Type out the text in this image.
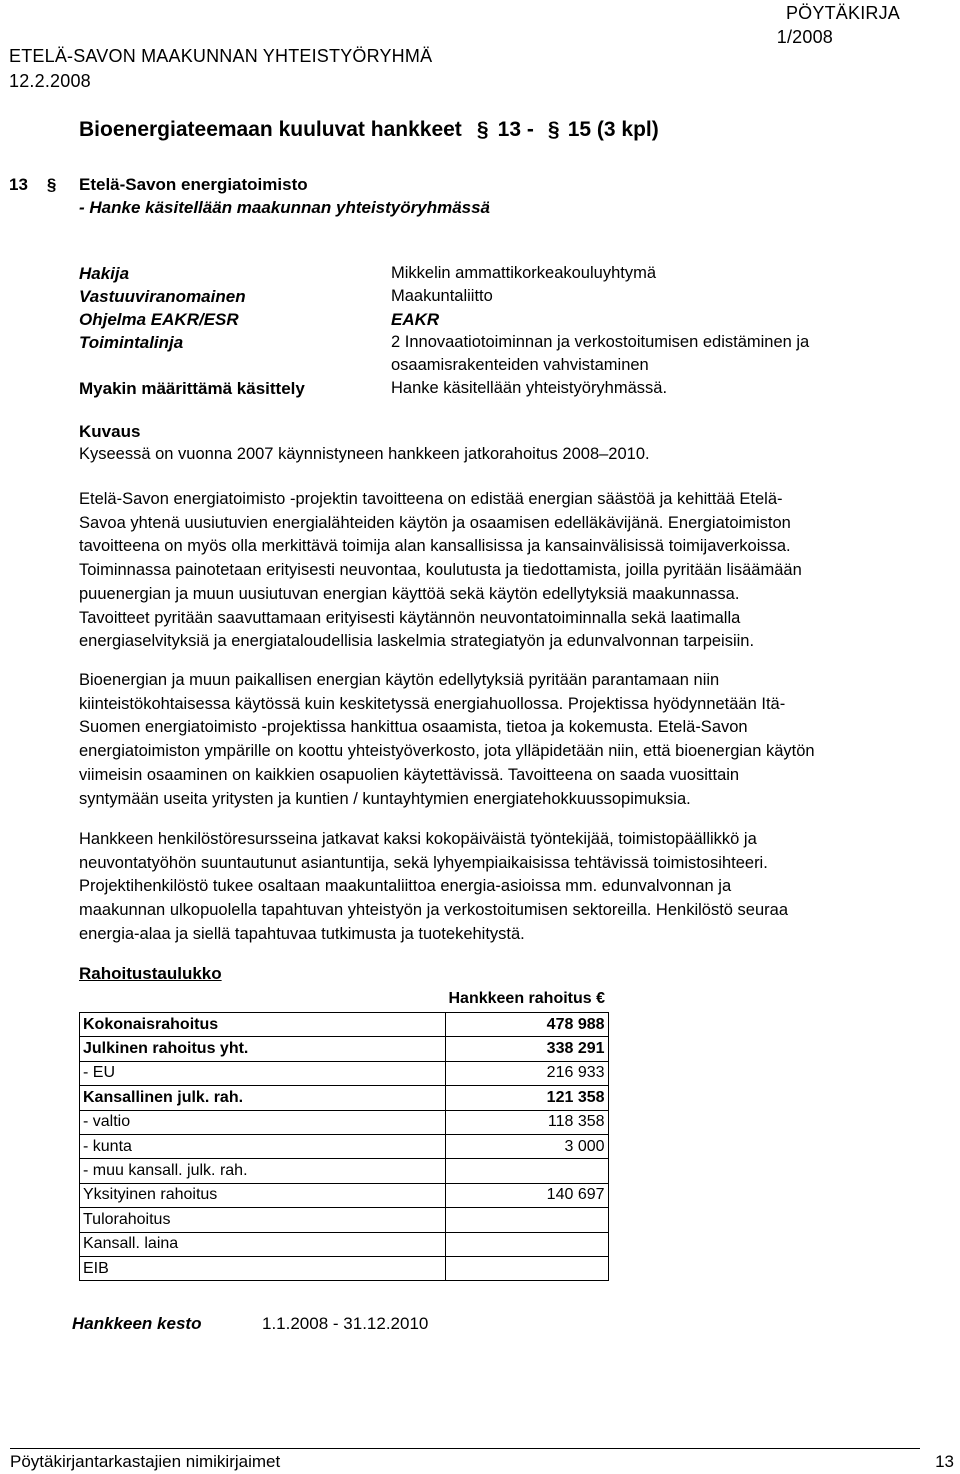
PÖYTÄKIRJA
1/2008
ETELÄ-SAVON MAAKUNNAN YHTEISTYÖRYHMÄ
12.2.2008
Bioenergiateemaan kuuluvat hankkeet § 13 - § 15 (3 kpl)
13 §	Etelä-Savon energiatoimisto
- Hanke käsitellään maakunnan yhteistyöryhmässä
Hakija	Mikkelin ammattikorkeakouluyhtymä
Vastuuviranomainen	Maakuntaliitto
Ohjelma EAKR/ESR	EAKR
Toimintalinja	2 Innovaatiotoiminnan ja verkostoitumisen edistäminen ja
osaamisrakenteiden vahvistaminen
Myakin määrittämä käsittely	Hanke käsitellään yhteistyöryhmässä.
Kuvaus
Kyseessä on vuonna 2007 käynnistyneen hankkeen jatkorahoitus 2008–2010.

Etelä-Savon energiatoimisto -projektin tavoitteena on edistää energian säästöä ja kehittää Etelä-

Savoa yhtenä uusiutuvien energialähteiden käytön ja osaamisen edelläkävijänä. Energiatoimiston

tavoitteena on myös olla merkittävä toimija alan kansallisissa ja kansainvälisissä toimijaverkoissa.

Toiminnassa painotetaan erityisesti neuvontaa, koulutusta ja tiedottamista, joilla pyritään lisäämään

puuenergian ja muun uusiutuvan energian käyttöä sekä käytön edellytyksiä maakunnassa.

Tavoitteet pyritään saavuttamaan erityisesti käytännön neuvontatoiminnalla sekä laatimalla

energiaselvityksiä ja energiataloudellisia laskelmia strategiatyön ja edunvalvonnan tarpeisiin.

Bioenergian ja muun paikallisen energian käytön edellytyksiä pyritään parantamaan niin

kiinteistökohtaisessa käytössä kuin keskitetyssä energiahuollossa. Projektissa hyödynnetään Itä-

Suomen energiatoimisto -projektissa hankittua osaamista, tietoa ja kokemusta. Etelä-Savon

energiatoimiston ympärille on koottu yhteistyöverkosto, jota ylläpidetään niin, että bioenergian käytön

viimeisin osaaminen on kaikkien osapuolien käytettävissä. Tavoitteena on saada vuosittain

syntymään useita yritysten ja kuntien / kuntayhtymien energiatehokkuussopimuksia.

Hankkeen henkilöstöresursseina jatkavat kaksi kokopäiväistä työntekijää, toimistopäällikkö ja

neuvontatyöhön suuntautunut asiantuntija, sekä lyhyempiaikaisissa tehtävissä toimistosihteeri.

Projektihenkilöstö tukee osaltaan maakuntaliittoa energia-asioissa mm. edunvalvonnan ja

maakunnan ulkopuolella tapahtuvan yhteistyön ja verkostoitumisen sektoreilla. Henkilöstö seuraa

energia-alaa ja siellä tapahtuvaa tutkimusta ja tuotekehitystä.

Rahoitustaulukko
	Hankkeen rahoitus €
Kokonaisrahoitus	478 988
Julkinen rahoitus yht.	338 291
- EU	216 933
Kansallinen julk. rah.	121 358
- valtio	118 358
- kunta	3 000
- muu kansall. julk. rah.	
Yksityinen rahoitus	140 697
Tulorahoitus	
Kansall. laina	
EIB	
Hankkeen kesto	1.1.2008 - 31.12.2010
Pöytäkirjantarkastajien nimikirjaimet	13
